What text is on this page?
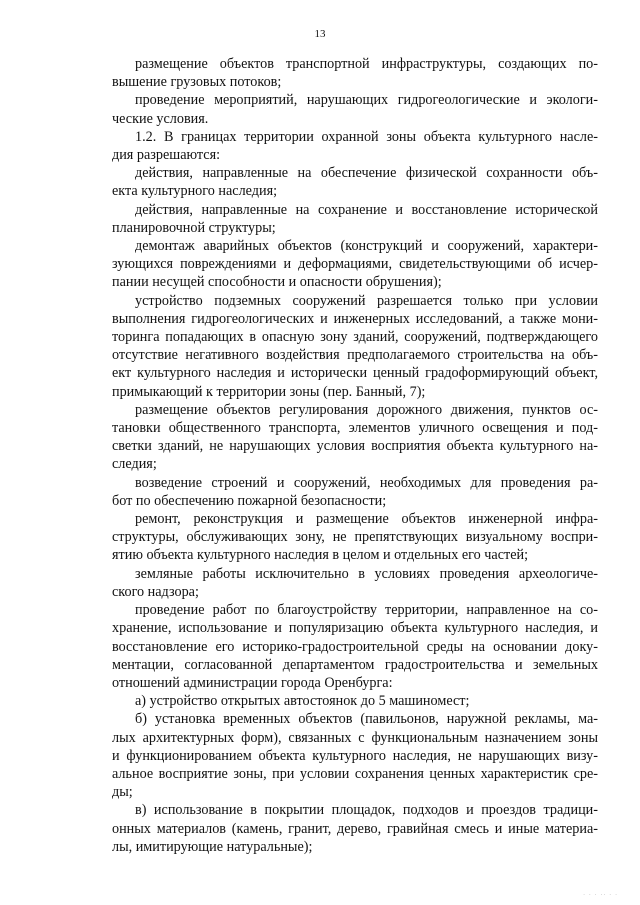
13
размещение объектов транспортной инфраструктуры, создающих по-
вышение грузовых потоков;
проведение мероприятий, нарушающих гидрогеологические и экологи-
ческие условия.
1.2. В границах территории охранной зоны объекта культурного насле-
дия разрешаются:
действия, направленные на обеспечение физической сохранности объ-
екта культурного наследия;
действия, направленные на сохранение и восстановление исторической
планировочной структуры;
демонтаж аварийных объектов (конструкций и сооружений, характери-
зующихся повреждениями и деформациями, свидетельствующими об исчер-
пании несущей способности и опасности обрушения);
устройство подземных сооружений разрешается только при условии
выполнения гидрогеологических и инженерных исследований, а также мони-
торинга попадающих в опасную зону зданий, сооружений, подтверждающего
отсутствие негативного воздействия предполагаемого строительства на объ-
ект культурного наследия и исторически ценный градоформирующий объект,
примыкающий к территории зоны (пер. Банный, 7);
размещение объектов регулирования дорожного движения, пунктов ос-
тановки общественного транспорта, элементов уличного освещения и под-
светки зданий, не нарушающих условия восприятия объекта культурного на-
следия;
возведение строений и сооружений, необходимых для проведения ра-
бот по обеспечению пожарной безопасности;
ремонт, реконструкция и размещение объектов инженерной инфра-
структуры, обслуживающих зону, не препятствующих визуальному воспри-
ятию объекта культурного наследия в целом и отдельных его частей;
земляные работы исключительно в условиях проведения археологиче-
ского надзора;
проведение работ по благоустройству территории, направленное на со-
хранение, использование и популяризацию объекта культурного наследия, и
восстановление его историко-градостроительной среды на основании доку-
ментации, согласованной департаментом градостроительства и земельных
отношений администрации города Оренбурга:
а) устройство открытых автостоянок до 5 машиномест;
б) установка временных объектов (павильонов, наружной рекламы, ма-
лых архитектурных форм), связанных с функциональным назначением зоны
и функционированием объекта культурного наследия, не нарушающих визу-
альное восприятие зоны, при условии сохранения ценных характеристик сре-
ды;
в) использование в покрытии площадок, подходов и проездов традици-
онных материалов (камень, гранит, дерево, гравийная смесь и иные материа-
лы, имитирующие натуральные);
· · · ·· · ·
